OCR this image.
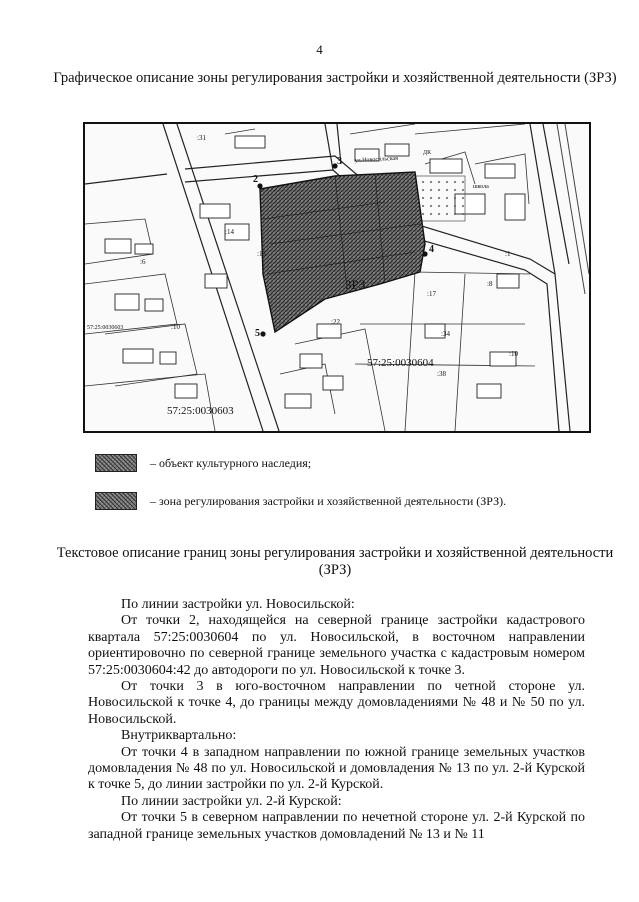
4
Графическое описание зоны регулирования застройки и хозяйственной деятельности (ЗРЗ)
2
3
4
5
ЗРЗ
ул.Новосильская
57:25:0030604
57:25:0030603
57:25:0030603
:31
:14
:6
:13
:17
:8
:10
:22
:34
:10
:38
:1
ДК
школа
– объект культурного наследия;
– зона регулирования застройки и хозяйственной деятельности (ЗРЗ).
Текстовое описание границ зоны регулирования застройки и хозяйственной деятельности (ЗРЗ)

По линии застройки ул. Новосильской:

От точки 2, находящейся на северной границе застройки кадастрового квартала 57:25:0030604 по ул. Новосильской, в восточном направлении ориентировочно по северной границе земельного участка с кадастровым номером 57:25:0030604:42 до автодороги по ул. Новосильской к точке 3.

От точки 3 в юго-восточном направлении по четной стороне ул. Новосильской к точке 4, до границы между домовладениями № 48 и № 50 по ул. Новосильской.

Внутриквартально:

От точки 4 в западном направлении по южной границе земельных участков домовладения № 48 по ул. Новосильской и домовладения № 13 по ул. 2-й Курской к точке 5, до линии застройки по ул. 2-й Курской.

По линии застройки ул. 2-й Курской:

От точки 5 в северном направлении по нечетной стороне ул. 2-й Курской по западной границе земельных участков домовладений № 13 и № 11
